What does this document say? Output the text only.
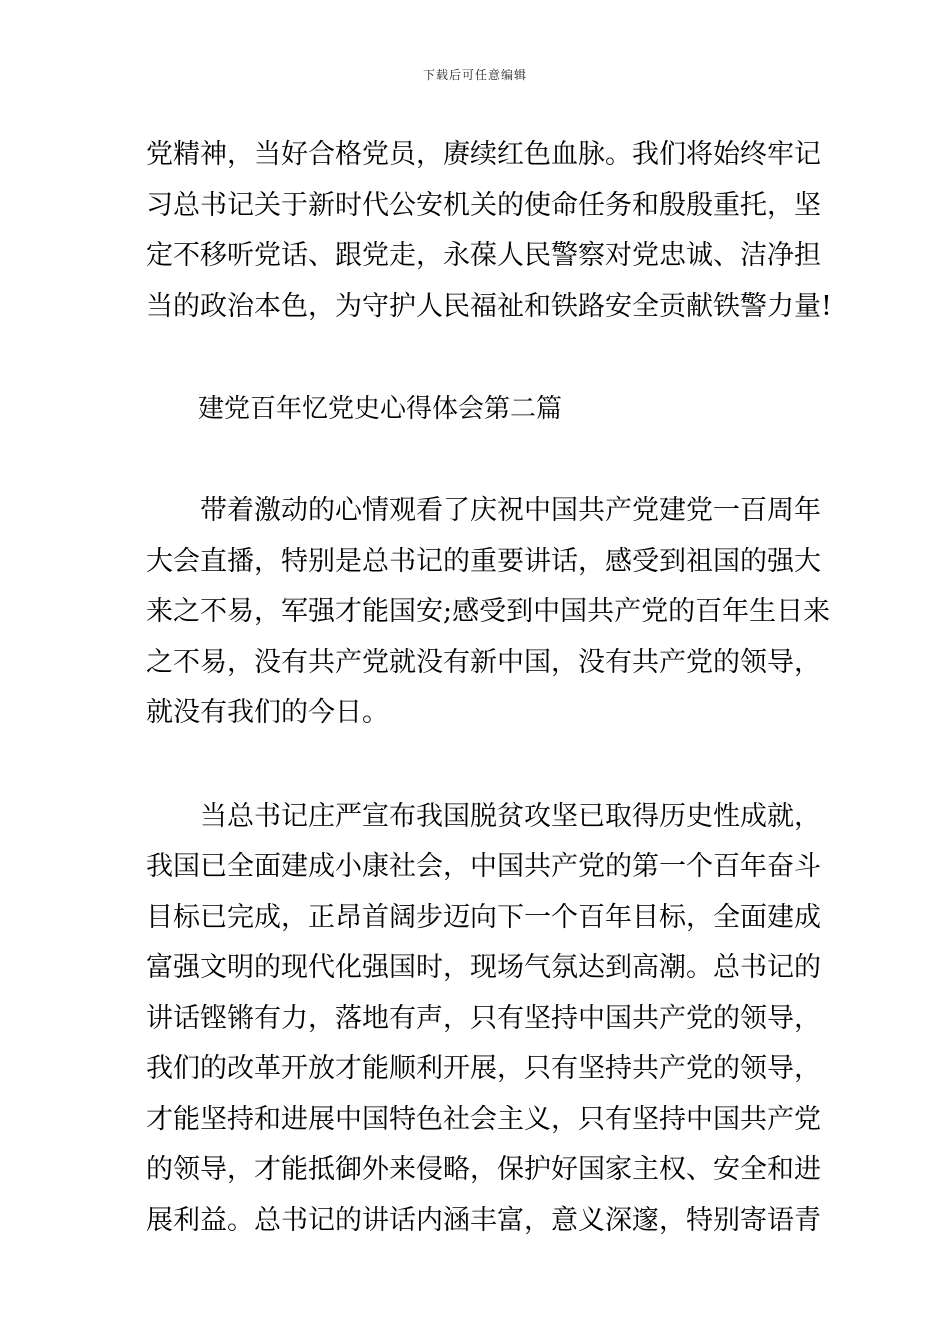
下载后可任意编辑

党精神，当好合格党员，赓续红色血脉。我们将始终牢记
习总书记关于新时代公安机关的使命任务和殷殷重托，坚
定不移听党话、跟党走，永葆人民警察对党忠诚、洁净担
当的政治本色，为守护人民福祉和铁路安全贡献铁警力量!

建党百年忆党史心得体会第二篇

　　带着激动的心情观看了庆祝中国共产党建党一百周年
大会直播，特别是总书记的重要讲话，感受到祖国的强大
来之不易，军强才能国安;感受到中国共产党的百年生日来
之不易，没有共产党就没有新中国，没有共产党的领导，
就没有我们的今日。

　　当总书记庄严宣布我国脱贫攻坚已取得历史性成就，
我国已全面建成小康社会，中国共产党的第一个百年奋斗
目标已完成，正昂首阔步迈向下一个百年目标，全面建成
富强文明的现代化强国时，现场气氛达到高潮。总书记的
讲话铿锵有力，落地有声，只有坚持中国共产党的领导，
我们的改革开放才能顺利开展，只有坚持共产党的领导，
才能坚持和进展中国特色社会主义，只有坚持中国共产党
的领导，才能抵御外来侵略，保护好国家主权、安全和进
展利益。总书记的讲话内涵丰富，意义深邃，特别寄语青
